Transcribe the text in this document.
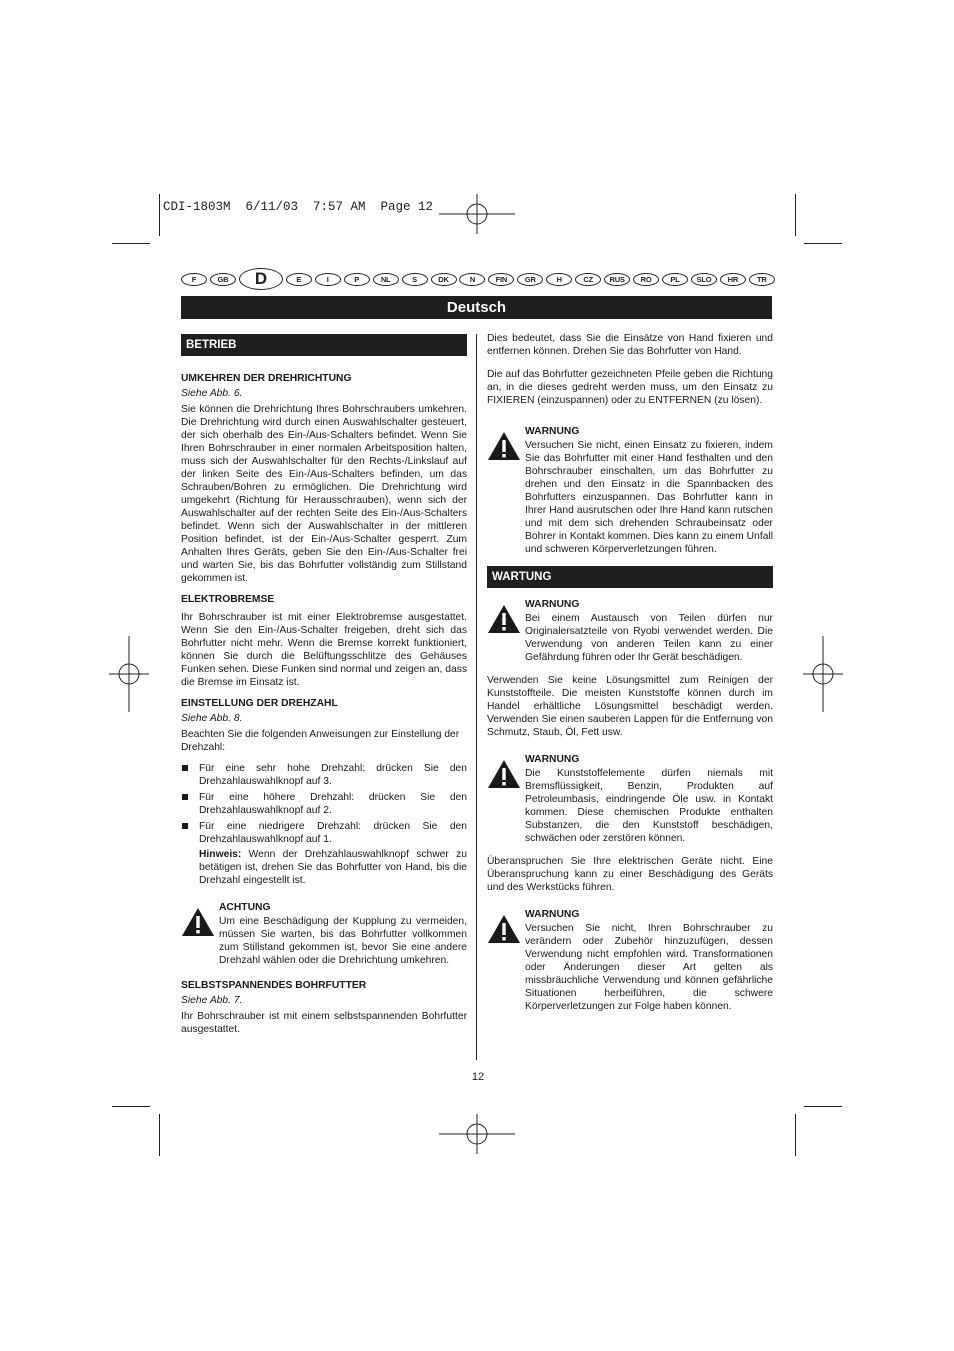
CDI-1803M  6/11/03  7:57 AM  Page 12
F	GB	D	E	I	P	NL	S	DK	N	FIN	GR	H	CZ	RUS	RO	PL	SLO	HR	TR
Deutsch
BETRIEB
UMKEHREN DER DREHRICHTUNG
Siehe Abb. 6.

Sie können die Drehrichtung Ihres Bohrschraubers umkehren. Die Drehrichtung wird durch einen Auswahlschalter gesteuert, der sich oberhalb des Ein-/Aus-Schalters befindet. Wenn Sie Ihren Bohrschrauber in einer normalen Arbeitsposition halten, muss sich der Auswahlschalter für den Rechts-/Linkslauf auf der linken Seite des Ein-/Aus-Schalters befinden, um das Schrauben/Bohren zu ermöglichen. Die Drehrichtung wird umgekehrt (Richtung für Herausschrauben), wenn sich der Auswahlschalter auf der rechten Seite des Ein-/Aus-Schalters befindet. Wenn sich der Auswahlschalter in der mittleren Position befindet, ist der Ein-/Aus-Schalter gesperrt. Zum Anhalten Ihres Geräts, geben Sie den Ein-/Aus-Schalter frei und warten Sie, bis das Bohrfutter vollständig zum Stillstand gekommen ist.

ELEKTROBREMSE

Ihr Bohrschrauber ist mit einer Elektrobremse ausgestattet. Wenn Sie den Ein-/Aus-Schalter freigeben, dreht sich das Bohrfutter nicht mehr. Wenn die Bremse korrekt funktioniert, können Sie durch die Belüftungsschlitze des Gehäuses Funken sehen. Diese Funken sind normal und zeigen an, dass die Bremse im Einsatz ist.

EINSTELLUNG DER DREHZAHL
Siehe Abb. 8.

Beachten Sie die folgenden Anweisungen zur Einstellung der Drehzahl:

Für eine sehr hohe Drehzahl: drücken Sie den Drehzahlauswahlknopf auf 3.
Für eine höhere Drehzahl: drücken Sie den Drehzahlauswahlknopf auf 2.
Für eine niedrigere Drehzahl: drücken Sie den Drehzahlauswahlknopf auf 1.
Hinweis: Wenn der Drehzahlauswahlknopf schwer zu betätigen ist, drehen Sie das Bohrfutter von Hand, bis die Drehzahl eingestellt ist.
ACHTUNG
Um eine Beschädigung der Kupplung zu vermeiden, müssen Sie warten, bis das Bohrfutter vollkommen zum Stillstand gekommen ist, bevor Sie eine andere Drehzahl wählen oder die Drehrichtung umkehren.
SELBSTSPANNENDES BOHRFUTTER
Siehe Abb. 7.

Ihr Bohrschrauber ist mit einem selbstspannenden Bohrfutter ausgestattet.

Dies bedeutet, dass Sie die Einsätze von Hand fixieren und entfernen können. Drehen Sie das Bohrfutter von Hand.

Die auf das Bohrfutter gezeichneten Pfeile geben die Richtung an, in die dieses gedreht werden muss, um den Einsatz zu FIXIEREN (einzuspannen) oder zu ENTFERNEN (zu lösen).

WARNUNG
Versuchen Sie nicht, einen Einsatz zu fixieren, indem Sie das Bohrfutter mit einer Hand festhalten und den Bohrschrauber einschalten, um das Bohrfutter zu drehen und den Einsatz in die Spannbacken des Bohrfutters einzuspannen. Das Bohrfutter kann in Ihrer Hand ausrutschen oder Ihre Hand kann rutschen und mit dem sich drehenden Schraubeinsatz oder Bohrer in Kontakt kommen. Dies kann zu einem Unfall und schweren Körperverletzungen führen.
WARTUNG
WARNUNG
Bei einem Austausch von Teilen dürfen nur Originalersatzteile von Ryobi verwendet werden. Die Verwendung von anderen Teilen kann zu einer Gefährdung führen oder Ihr Gerät beschädigen.

Verwenden Sie keine Lösungsmittel zum Reinigen der Kunststoffteile. Die meisten Kunststoffe können durch im Handel erhältliche Lösungsmittel beschädigt werden. Verwenden Sie einen sauberen Lappen für die Entfernung von Schmutz, Staub, Öl, Fett usw.

WARNUNG
Die Kunststoffelemente dürfen niemals mit Bremsflüssigkeit, Benzin, Produkten auf Petroleumbasis, eindringende Öle usw. in Kontakt kommen. Diese chemischen Produkte enthalten Substanzen, die den Kunststoff beschädigen, schwächen oder zerstören können.

Überanspruchen Sie Ihre elektrischen Geräte nicht. Eine Überanspruchung kann zu einer Beschädigung des Geräts und des Werkstücks führen.

WARNUNG
Versuchen Sie nicht, Ihren Bohrschrauber zu verändern oder Zubehör hinzuzufügen, dessen Verwendung nicht empfohlen wird. Transformationen oder Änderungen dieser Art gelten als missbräuchliche Verwendung und können gefährliche Situationen herbeiführen, die schwere Körperverletzungen zur Folge haben können.
12
